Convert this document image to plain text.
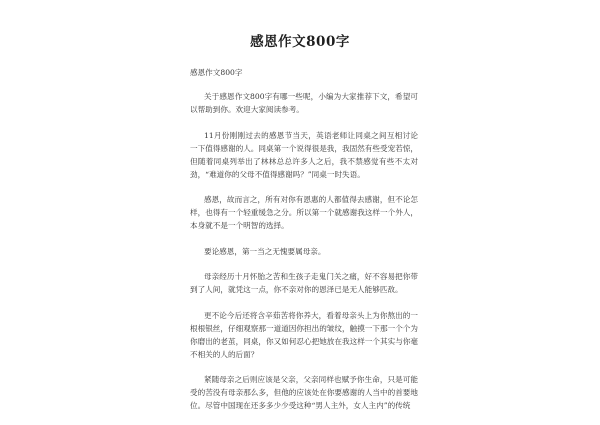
感恩作文800字

感恩作文800字

关于感恩作文800字有哪一些呢，小编为大家推荐下文，希望可以帮助到你。欢迎大家阅读参考。

11月份刚刚过去的感恩节当天，英语老师让同桌之间互相讨论一下值得感谢的人。同桌第一个说得很是我，我固然有些受宠若惊，但随着同桌列举出了林林总总许多人之后，我不禁感觉有些不太对劲，“难道你的父母不值得感谢吗？”同桌一时失语。

感恩，故而言之，所有对你有恩惠的人都值得去感谢，但不论怎样，也得有一个轻重缓急之分。所以第一个就感谢我这样一个外人，本身就不是一个明智的选择。

要论感恩，第一当之无愧要属母亲。

母亲经历十月怀胎之苦和生孩子走鬼门关之痛，好不容易把你带到了人间，就凭这一点，你不亲对你的恩泽已是无人能够匹敌。

更不论今后还将含辛茹苦将你养大，看着母亲头上为你熬出的一根根银丝，仔细观察那一道道因你担出的皱纹，触摸一下那一个个为你磨出的老茧，同桌，你又如何忍心把她放在我这样一个其实与你毫不相关的人的后面？

紧随母亲之后则应该是父亲，父亲同样也赋予你生命，只是可能受的苦没有母亲那么多，但他的应该处在你要感谢的人当中的首要地位。尽管中国现在还多多少少受这种“男人主外，女人主内”的传统
